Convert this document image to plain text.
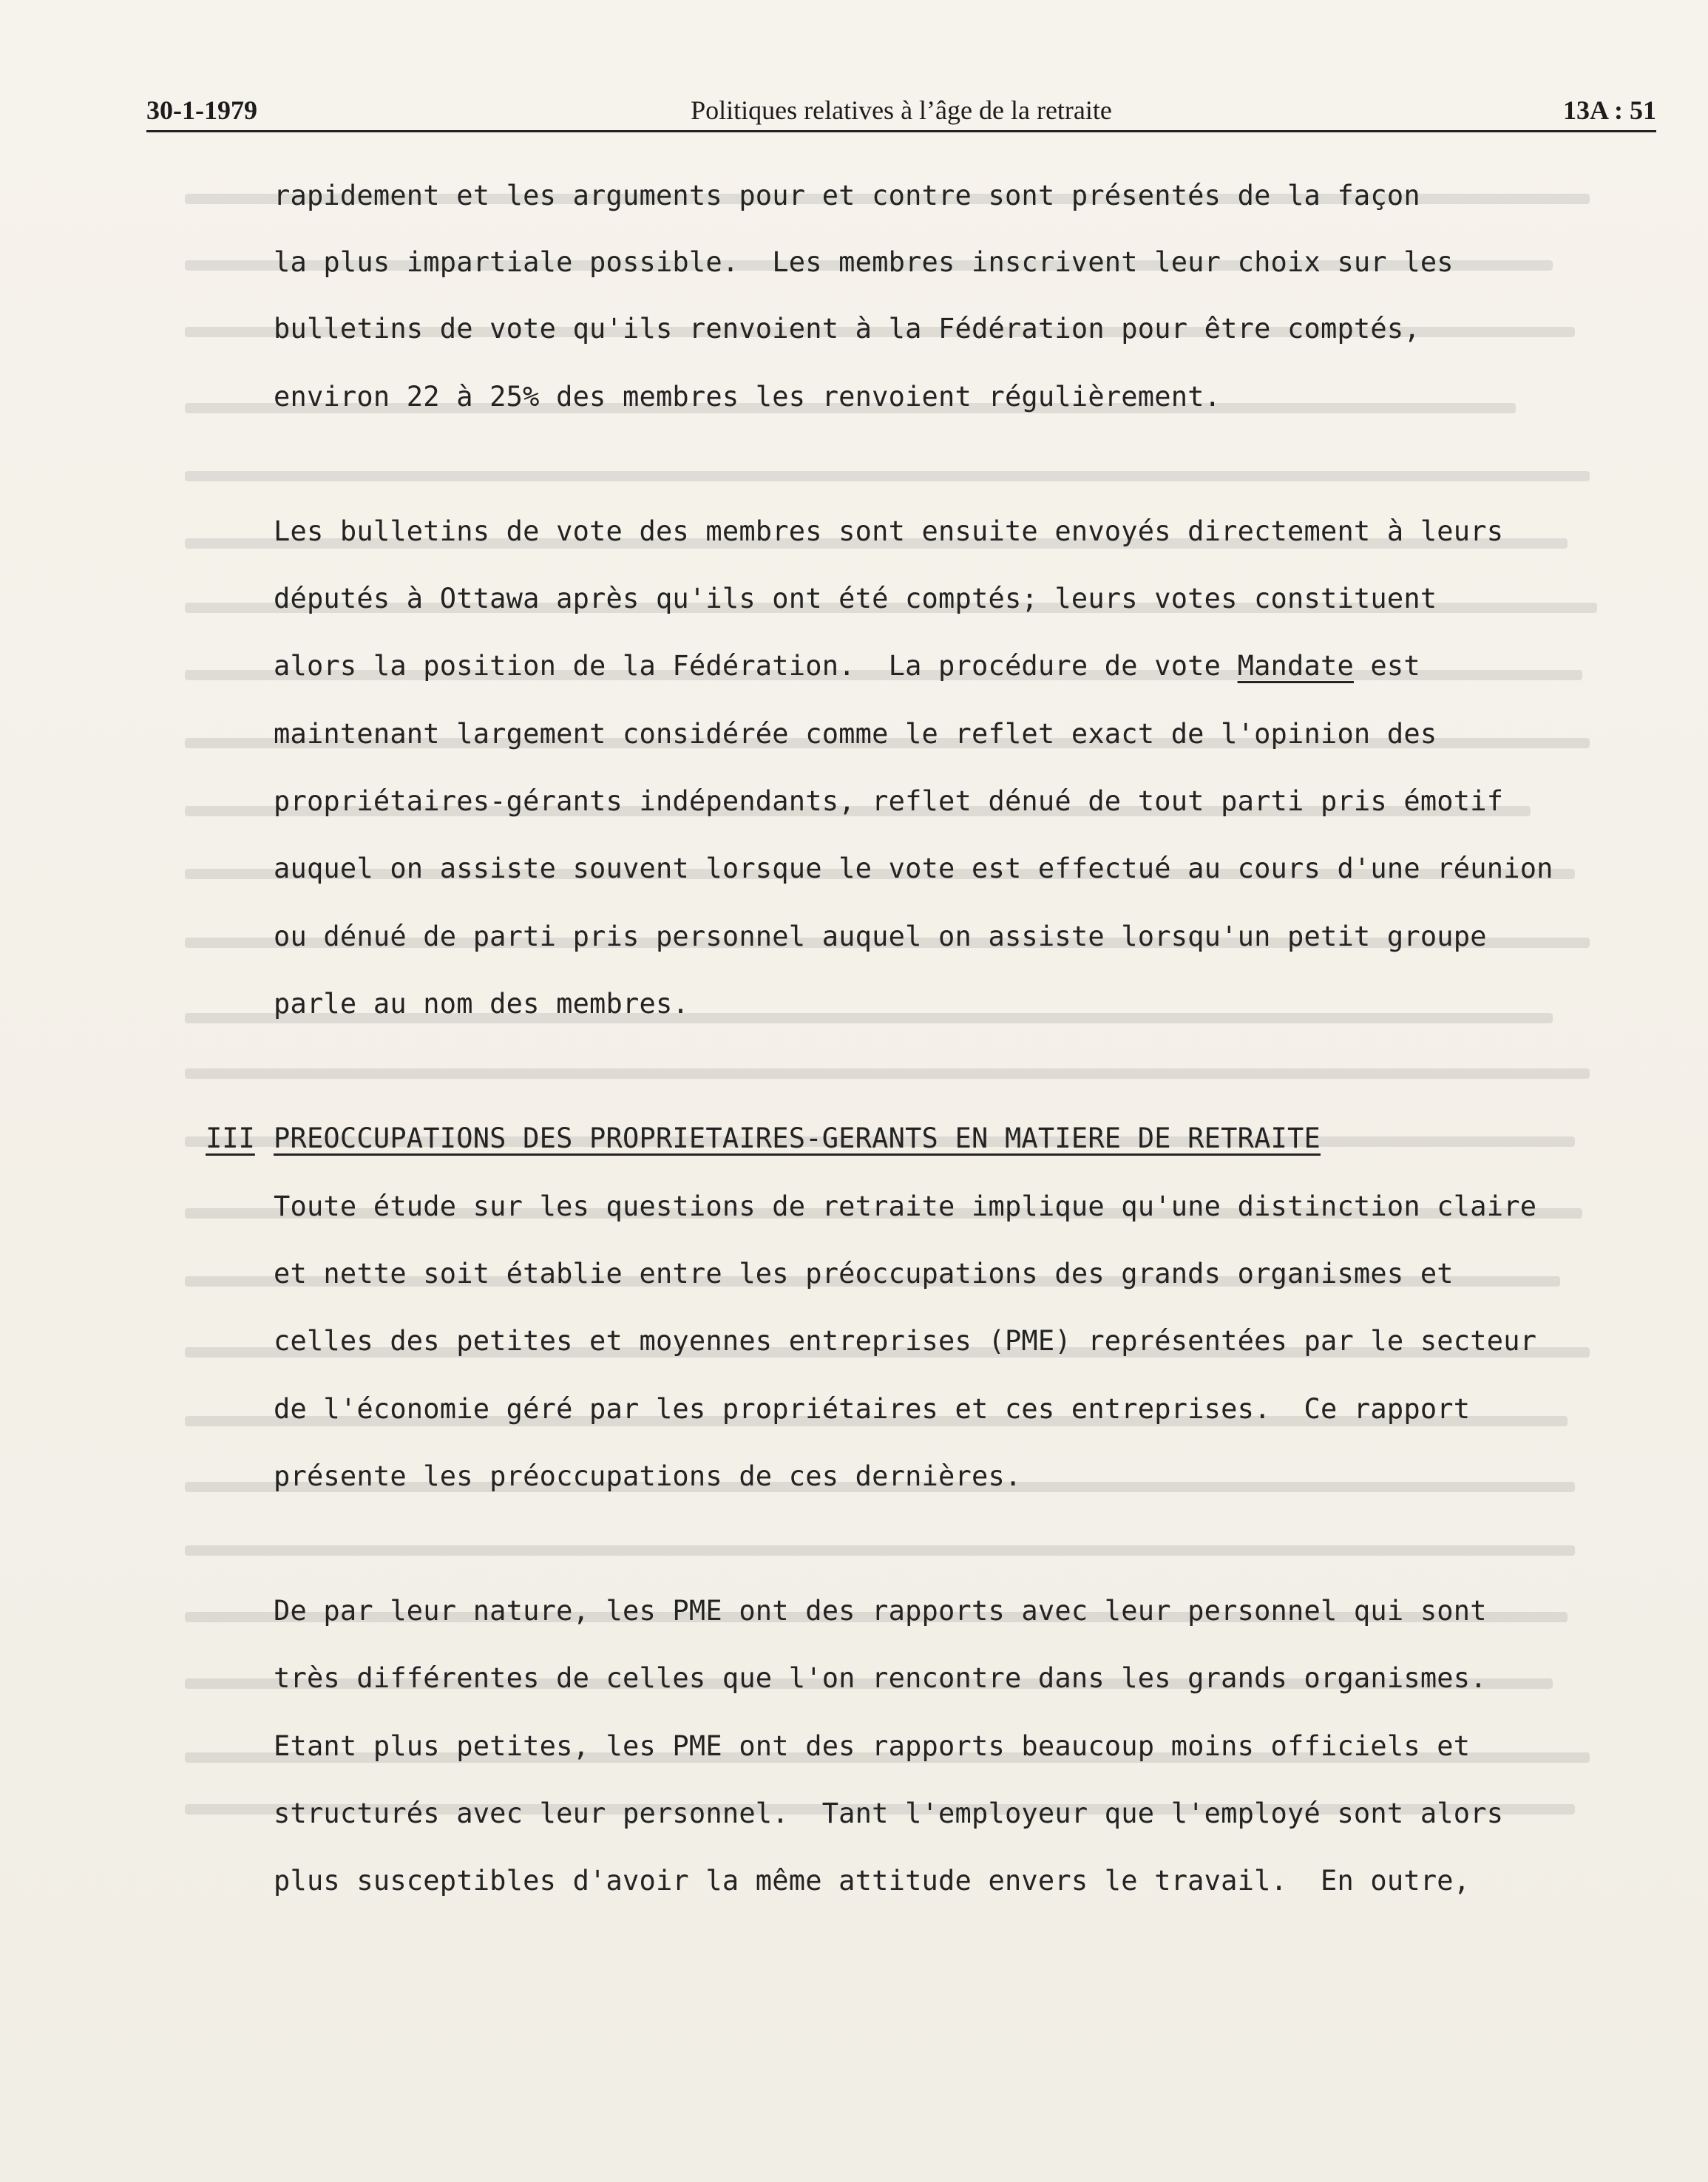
30-1-1979	Politiques relatives à l’âge de la retraite	13A : 51
rapidement et les arguments pour et contre sont présentés de la façon
la plus impartiale possible.  Les membres inscrivent leur choix sur les
bulletins de vote qu'ils renvoient à la Fédération pour être comptés,
environ 22 à 25% des membres les renvoient régulièrement.
Les bulletins de vote des membres sont ensuite envoyés directement à leurs
députés à Ottawa après qu'ils ont été comptés; leurs votes constituent
alors la position de la Fédération.  La procédure de vote Mandate est
maintenant largement considérée comme le reflet exact de l'opinion des
propriétaires-gérants indépendants, reflet dénué de tout parti pris émotif
auquel on assiste souvent lorsque le vote est effectué au cours d'une réunion
ou dénué de parti pris personnel auquel on assiste lorsqu'un petit groupe
parle au nom des membres.
III PREOCCUPATIONS DES PROPRIETAIRES-GERANTS EN MATIERE DE RETRAITE
Toute étude sur les questions de retraite implique qu'une distinction claire
et nette soit établie entre les préoccupations des grands organismes et
celles des petites et moyennes entreprises (PME) représentées par le secteur
de l'économie géré par les propriétaires et ces entreprises.  Ce rapport
présente les préoccupations de ces dernières.
De par leur nature, les PME ont des rapports avec leur personnel qui sont
très différentes de celles que l'on rencontre dans les grands organismes.
Etant plus petites, les PME ont des rapports beaucoup moins officiels et
structurés avec leur personnel.  Tant l'employeur que l'employé sont alors
plus susceptibles d'avoir la même attitude envers le travail.  En outre,
